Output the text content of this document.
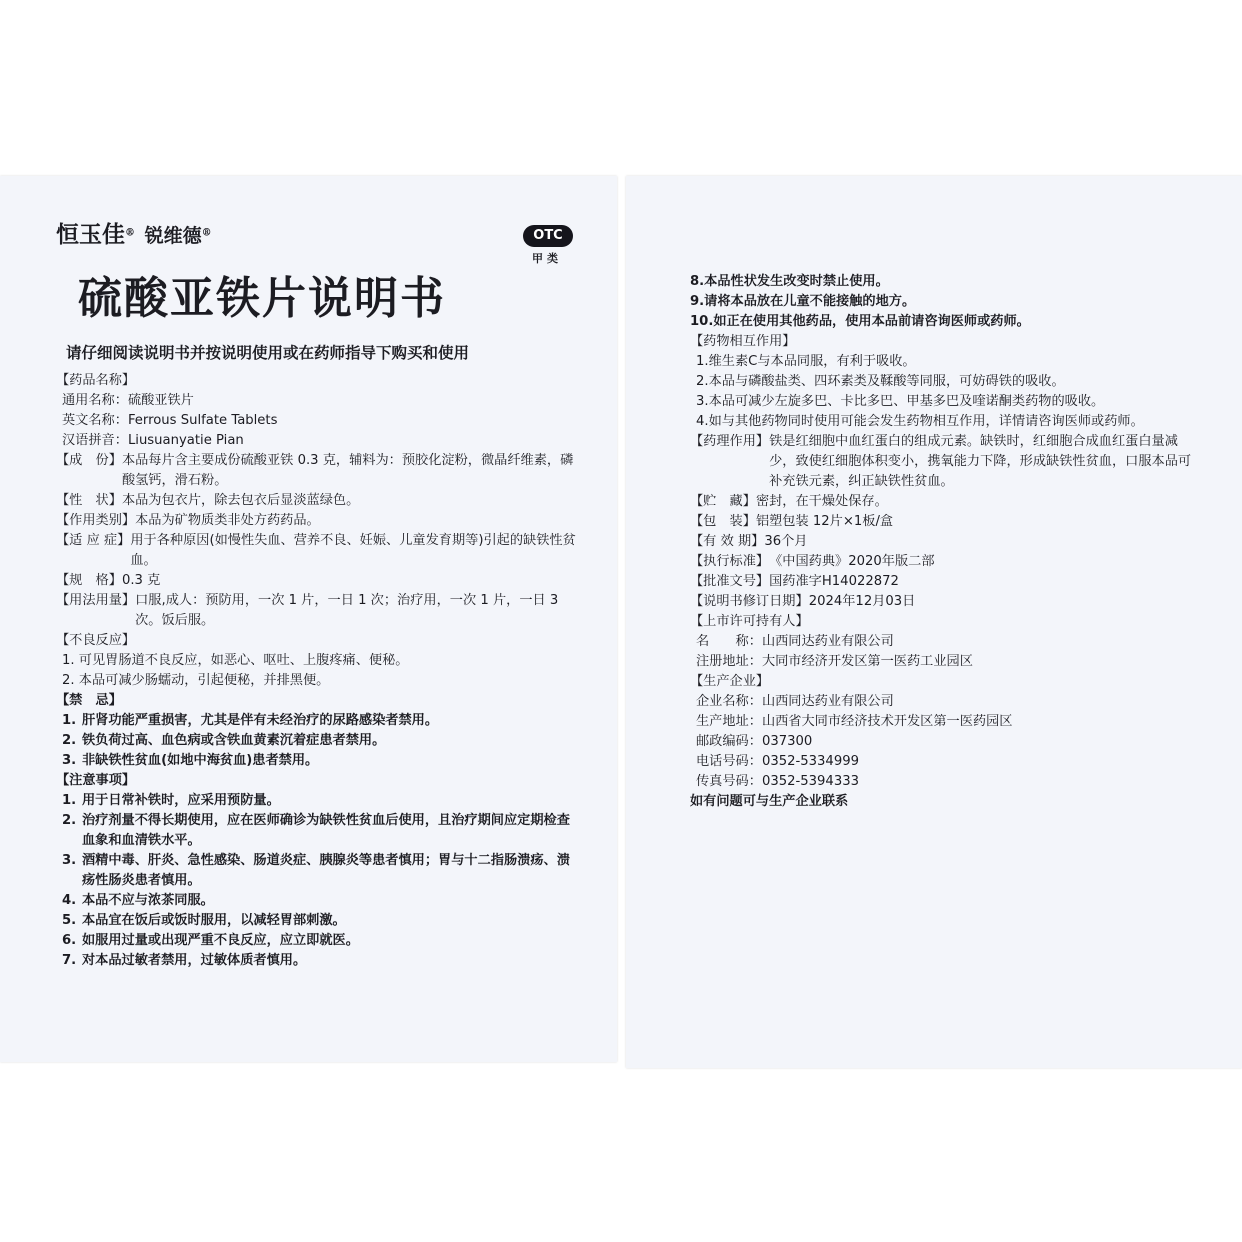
恒玉佳® 锐维德®	OTC
甲类
硫酸亚铁片说明书
请仔细阅读说明书并按说明使用或在药师指导下购买和使用
【药品名称】
通用名称： 硫酸亚铁片
英文名称： Ferrous Sulfate Tablets
汉语拼音： Liusuanyatie Pian
【成　份】 本品每片含主要成份硫酸亚铁 0.3 克，辅料为：预胶化淀粉，微晶纤维素，磷酸氢钙，滑石粉。
【性　状】 本品为包衣片，除去包衣后显淡蓝绿色。
【作用类别】 本品为矿物质类非处方药药品。
【适 应 症】 用于各种原因(如慢性失血、营养不良、妊娠、儿童发育期等)引起的缺铁性贫血。
【规　格】 0.3 克
【用法用量】 口服,成人：预防用，一次 1 片，一日 1 次；治疗用，一次 1 片，一日 3 次。饭后服。
【不良反应】
1. 可见胃肠道不良反应，如恶心、呕吐、上腹疼痛、便秘。
2. 本品可减少肠蠕动，引起便秘，并排黑便。
【禁　忌】
1. 肝肾功能严重损害，尤其是伴有未经治疗的尿路感染者禁用。
2. 铁负荷过高、血色病或含铁血黄素沉着症患者禁用。
3. 非缺铁性贫血(如地中海贫血)患者禁用。
【注意事项】
1. 用于日常补铁时，应采用预防量。
2. 治疗剂量不得长期使用，应在医师确诊为缺铁性贫血后使用，且治疗期间应定期检查血象和血清铁水平。
3. 酒精中毒、肝炎、急性感染、肠道炎症、胰腺炎等患者慎用；胃与十二指肠溃疡、溃疡性肠炎患者慎用。
4. 本品不应与浓茶同服。
5. 本品宜在饭后或饭时服用，以减轻胃部刺激。
6. 如服用过量或出现严重不良反应，应立即就医。
7. 对本品过敏者禁用，过敏体质者慎用。
8.本品性状发生改变时禁止使用。
9.请将本品放在儿童不能接触的地方。
10.如正在使用其他药品，使用本品前请咨询医师或药师。
【药物相互作用】
1.维生素C与本品同服，有利于吸收。
2.本品与磷酸盐类、四环素类及鞣酸等同服，可妨碍铁的吸收。
3.本品可减少左旋多巴、卡比多巴、甲基多巴及喹诺酮类药物的吸收。
4.如与其他药物同时使用可能会发生药物相互作用，详情请咨询医师或药师。
【药理作用】 铁是红细胞中血红蛋白的组成元素。缺铁时，红细胞合成血红蛋白量减少，致使红细胞体积变小，携氧能力下降，形成缺铁性贫血，口服本品可补充铁元素，纠正缺铁性贫血。
【贮　藏】 密封，在干燥处保存。
【包　装】 铝塑包装 12片×1板/盒
【有 效 期】 36个月
【执行标准】 《中国药典》2020年版二部
【批准文号】 国药准字H14022872
【说明书修订日期】 2024年12月03日
【上市许可持有人】
名　　称： 山西同达药业有限公司
注册地址： 大同市经济开发区第一医药工业园区
【生产企业】
企业名称： 山西同达药业有限公司
生产地址： 山西省大同市经济技术开发区第一医药园区
邮政编码： 037300
电话号码： 0352-5334999
传真号码： 0352-5394333
如有问题可与生产企业联系
